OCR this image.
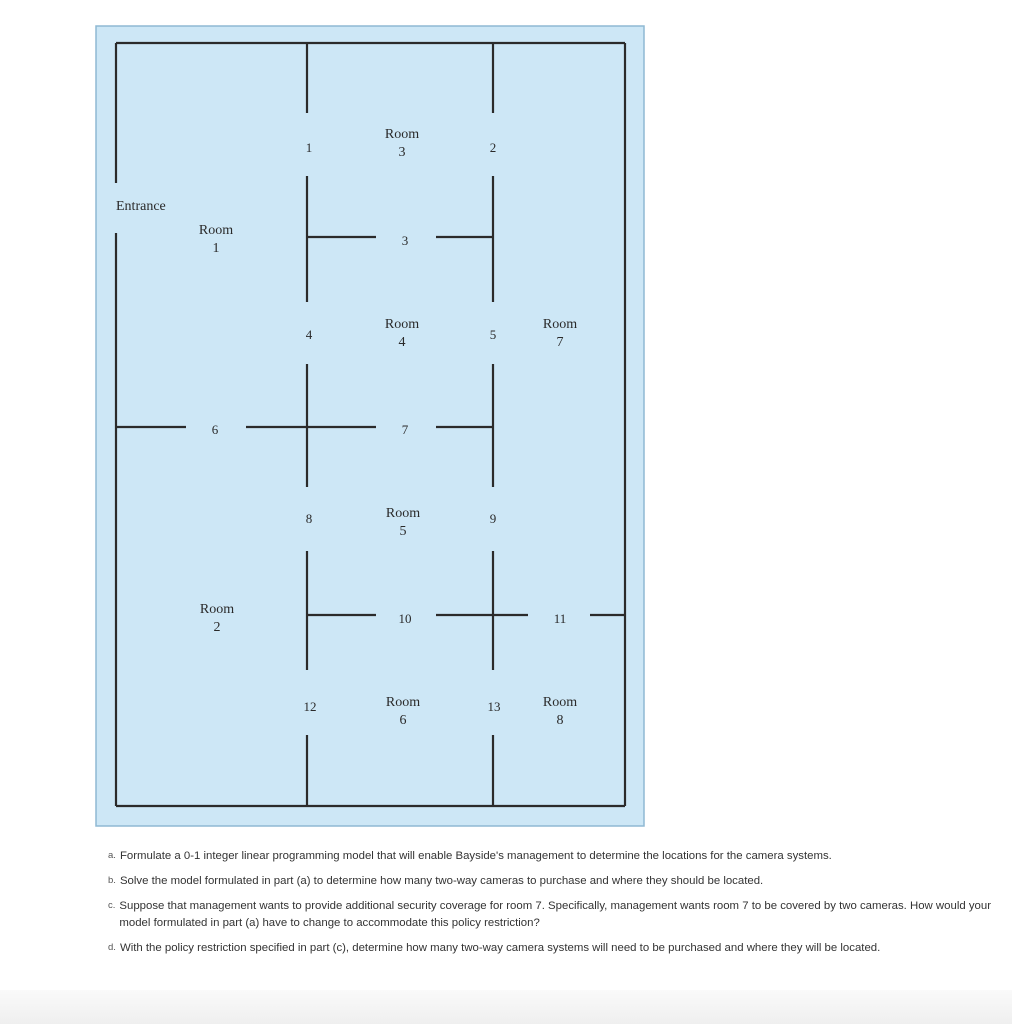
Entrance
Room
1
Room
2
Room
3
Room
4
Room
5
Room
6
Room
7
Room
8
1	2
3
4	5
6	7
8	9
10	11
12	13
a. Formulate a 0-1 integer linear programming model that will enable Bayside's management to determine the locations for the camera systems.
b. Solve the model formulated in part (a) to determine how many two-way cameras to purchase and where they should be located.
c. Suppose that management wants to provide additional security coverage for room 7. Specifically, management wants room 7 to be covered by two cameras. How would your model formulated in part (a) have to change to accommodate this policy restriction?
d. With the policy restriction specified in part (c), determine how many two-way camera systems will need to be purchased and where they will be located.
